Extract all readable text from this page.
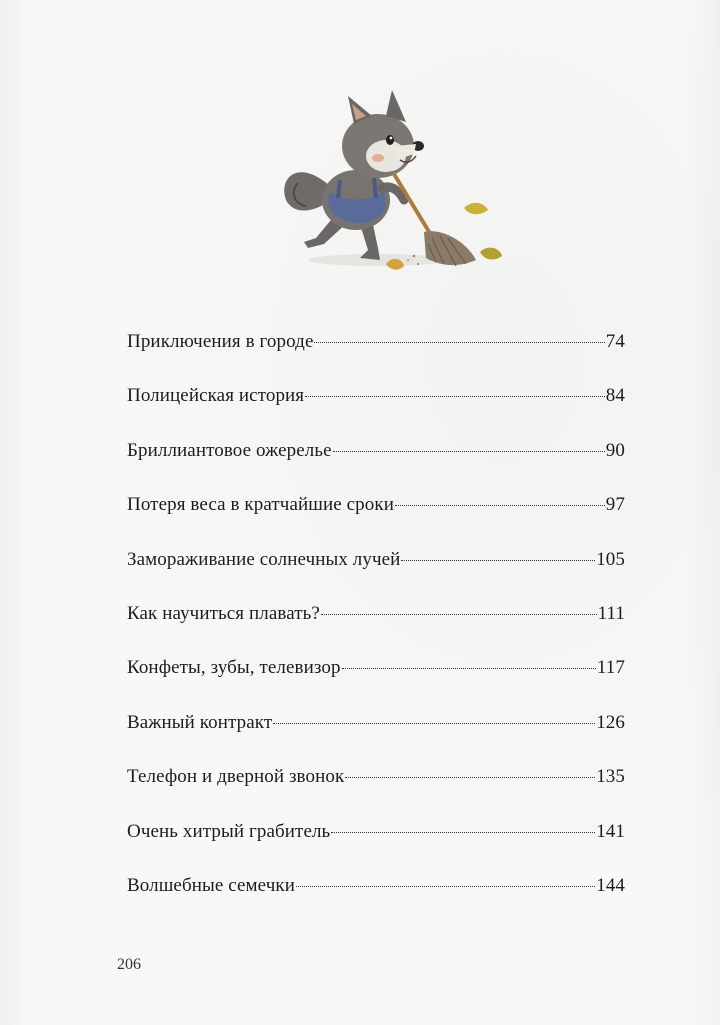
Приключения в городе	74
Полицейская история	84
Бриллиантовое ожерелье	90
Потеря веса в кратчайшие сроки	97
Замораживание солнечных лучей	105
Как научиться плавать?	111
Конфеты, зубы, телевизор	117
Важный контракт	126
Телефон и дверной звонок	135
Очень хитрый грабитель	141
Волшебные семечки	144
206
